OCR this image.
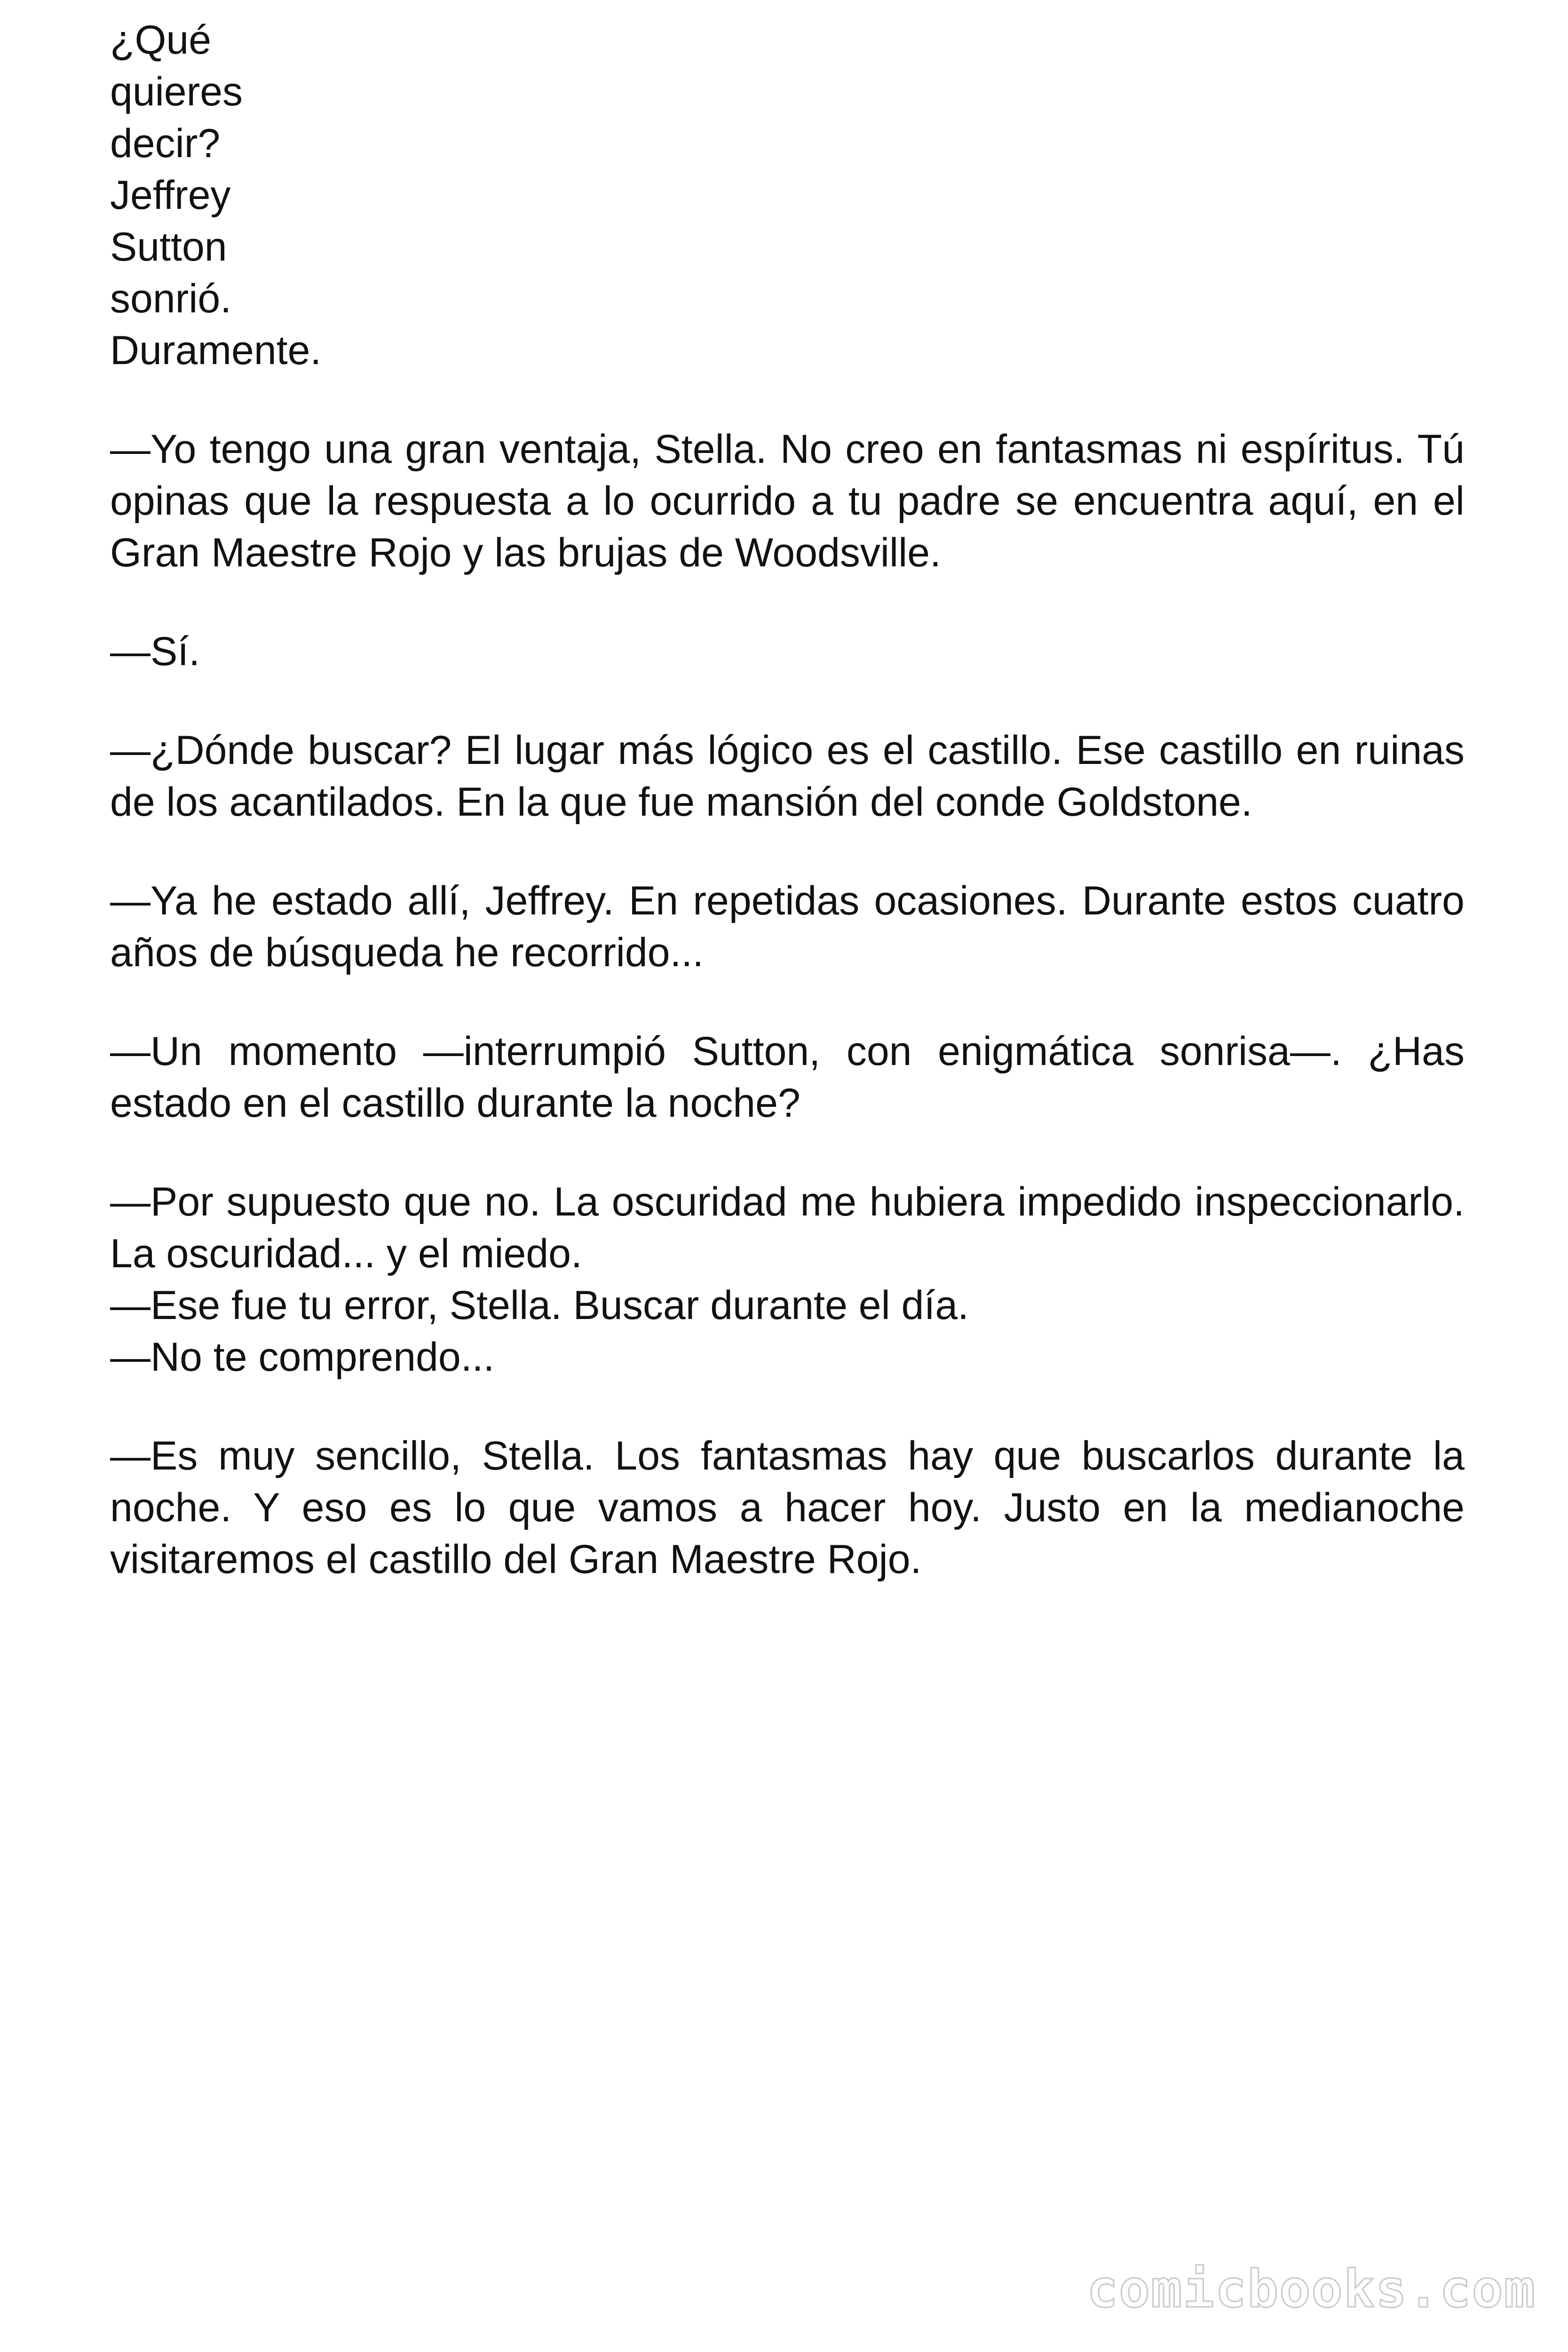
¿Qué
quieres
decir?
Jeffrey
Sutton
sonrió.
Duramente.

—Yo tengo una gran ventaja, Stella. No creo en fantasmas ni espíritus. Tú opinas que la respuesta a lo ocurrido a tu padre se encuentra aquí, en el Gran Maestre Rojo y las brujas de Woodsville.

—Sí.

—¿Dónde buscar? El lugar más lógico es el castillo. Ese castillo en ruinas de los acantilados. En la que fue mansión del conde Goldstone.

—Ya he estado allí, Jeffrey. En repetidas ocasiones. Durante estos cuatro años de búsqueda he recorrido...

—Un momento —interrumpió Sutton, con enigmática sonrisa—. ¿Has estado en el castillo durante la noche?

—Por supuesto que no. La oscuridad me hubiera impedido inspeccionarlo. La oscuridad... y el miedo.

—Ese fue tu error, Stella. Buscar durante el día.

—No te comprendo...

—Es muy sencillo, Stella. Los fantasmas hay que buscarlos durante la noche. Y eso es lo que vamos a hacer hoy. Justo en la medianoche visitaremos el castillo del Gran Maestre Rojo.

comicbooks.com
